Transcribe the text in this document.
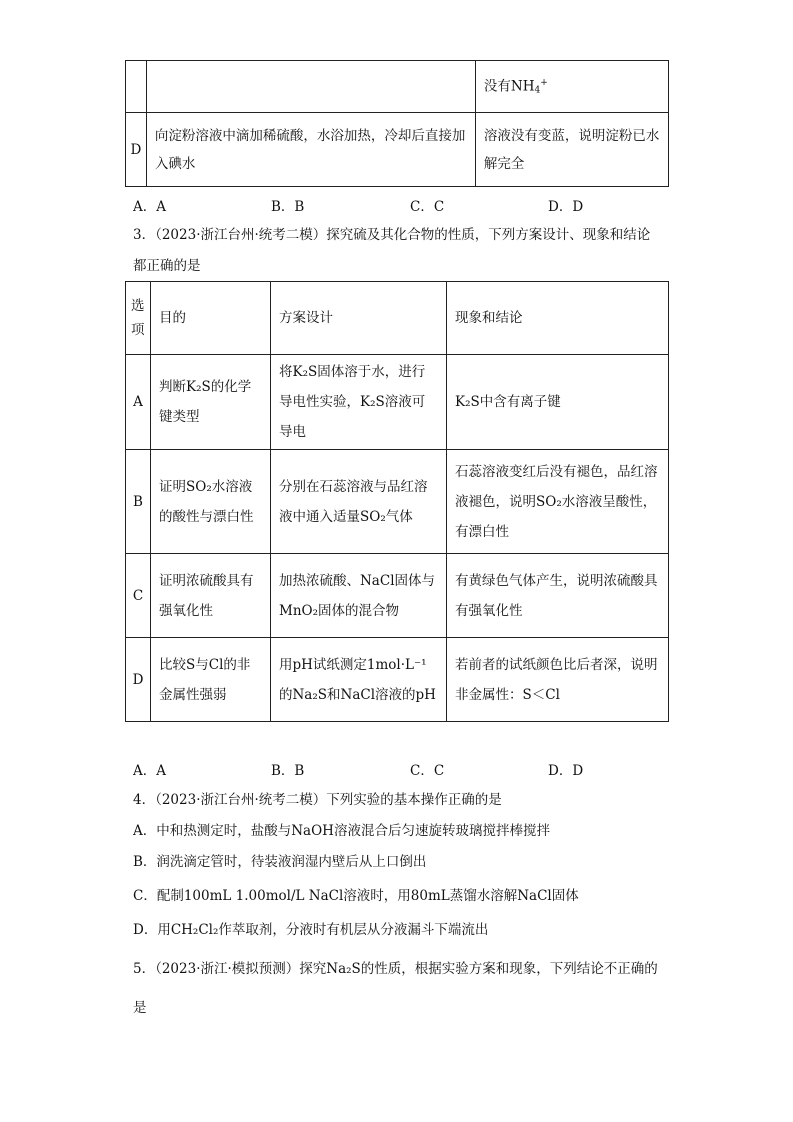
		没有$NH_4^+$
D	向淀粉溶液中滴加稀硫酸，水浴加热，冷却后直接加入碘水	溶液没有变蓝，说明淀粉已水解完全
A．A	B．B	C．C	D．D
3．（2023·浙江台州·统考二模）探究硫及其化合物的性质，下列方案设计、现象和结论
都正确的是
选
项	目的	方案设计	现象和结论
A	判断K₂S的化学键类型	将K₂S固体溶于水，进行导电性实验，K₂S溶液可导电	K₂S中含有离子键
B	证明SO₂水溶液的酸性与漂白性	分别在石蕊溶液与品红溶液中通入适量SO₂气体	石蕊溶液变红后没有褪色，品红溶液褪色，说明SO₂水溶液呈酸性，有漂白性
C	证明浓硫酸具有强氧化性	加热浓硫酸、NaCl固体与MnO₂固体的混合物	有黄绿色气体产生，说明浓硫酸具有强氧化性
D	比较S与Cl的非金属性强弱	用pH试纸测定1mol·L⁻¹的Na₂S和NaCl溶液的pH	若前者的试纸颜色比后者深，说明非金属性：S＜Cl
A．A	B．B	C．C	D．D
4．（2023·浙江台州·统考二模）下列实验的基本操作正确的是
A．中和热测定时，盐酸与NaOH溶液混合后匀速旋转玻璃搅拌棒搅拌
B．润洗滴定管时，待装液润湿内壁后从上口倒出
C．配制100mL 1.00mol/L NaCl溶液时，用80mL蒸馏水溶解NaCl固体
D．用CH₂Cl₂作萃取剂，分液时有机层从分液漏斗下端流出
5．（2023·浙江·模拟预测）探究Na₂S的性质，根据实验方案和现象，下列结论不正确的
是
